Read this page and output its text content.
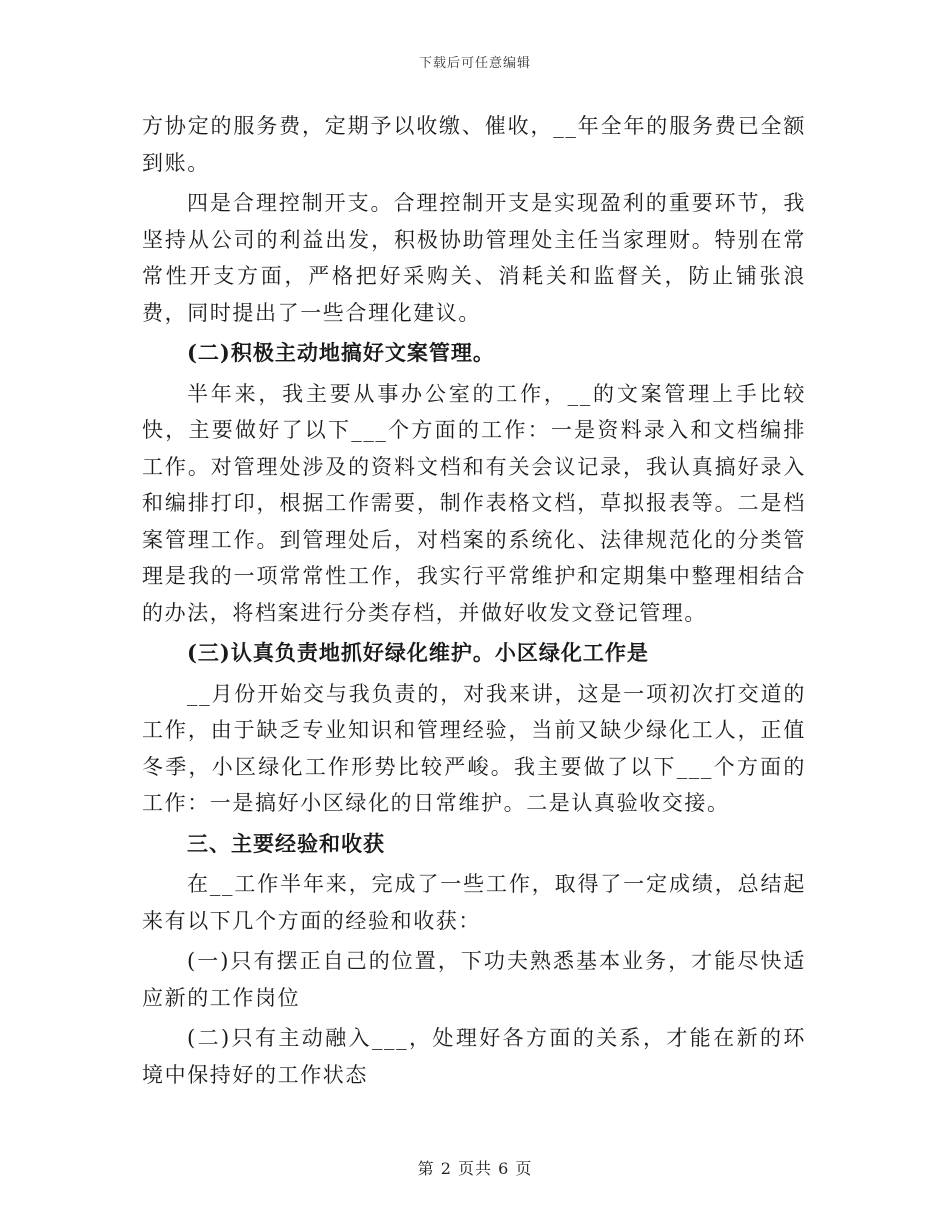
下载后可任意编辑

方协定的服务费，定期予以收缴、催收，__年全年的服务费已全额到账。

四是合理控制开支。合理控制开支是实现盈利的重要环节，我坚持从公司的利益出发，积极协助管理处主任当家理财。特别在常常性开支方面，严格把好采购关、消耗关和监督关，防止铺张浪费，同时提出了一些合理化建议。

(二)积极主动地搞好文案管理。

半年来，我主要从事办公室的工作，__的文案管理上手比较快，主要做好了以下___个方面的工作：一是资料录入和文档编排工作。对管理处涉及的资料文档和有关会议记录，我认真搞好录入和编排打印，根据工作需要，制作表格文档，草拟报表等。二是档案管理工作。到管理处后，对档案的系统化、法律规范化的分类管理是我的一项常常性工作，我实行平常维护和定期集中整理相结合的办法，将档案进行分类存档，并做好收发文登记管理。

(三)认真负责地抓好绿化维护。小区绿化工作是

__月份开始交与我负责的，对我来讲，这是一项初次打交道的工作，由于缺乏专业知识和管理经验，当前又缺少绿化工人，正值冬季，小区绿化工作形势比较严峻。我主要做了以下___个方面的工作：一是搞好小区绿化的日常维护。二是认真验收交接。

三、主要经验和收获

在__工作半年来，完成了一些工作，取得了一定成绩，总结起来有以下几个方面的经验和收获：

(一)只有摆正自己的位置，下功夫熟悉基本业务，才能尽快适应新的工作岗位

(二)只有主动融入___，处理好各方面的关系，才能在新的环境中保持好的工作状态

第 2 页共 6 页
